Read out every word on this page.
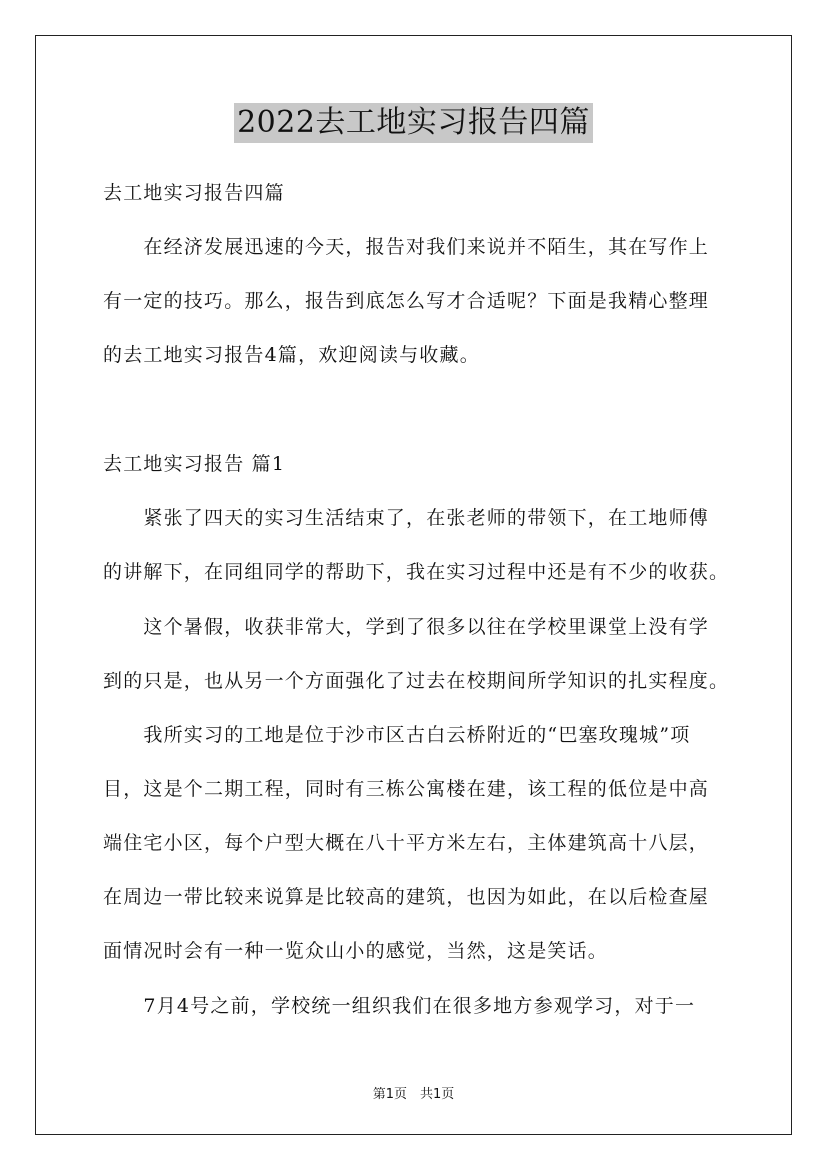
2022去工地实习报告四篇
去工地实习报告四篇
　　在经济发展迅速的今天，报告对我们来说并不陌生，其在写作上
有一定的技巧。那么，报告到底怎么写才合适呢？下面是我精心整理
的去工地实习报告4篇，欢迎阅读与收藏。
去工地实习报告 篇1
　　紧张了四天的实习生活结束了，在张老师的带领下，在工地师傅
的讲解下，在同组同学的帮助下，我在实习过程中还是有不少的收获。
　　这个暑假，收获非常大，学到了很多以往在学校里课堂上没有学
到的只是，也从另一个方面强化了过去在校期间所学知识的扎实程度。
　　我所实习的工地是位于沙市区古白云桥附近的“巴塞玫瑰城”项
目，这是个二期工程，同时有三栋公寓楼在建，该工程的低位是中高
端住宅小区，每个户型大概在八十平方米左右，主体建筑高十八层，
在周边一带比较来说算是比较高的建筑，也因为如此，在以后检查屋
面情况时会有一种一览众山小的感觉，当然，这是笑话。
　　7月4号之前，学校统一组织我们在很多地方参观学习，对于一
第1页　共1页
